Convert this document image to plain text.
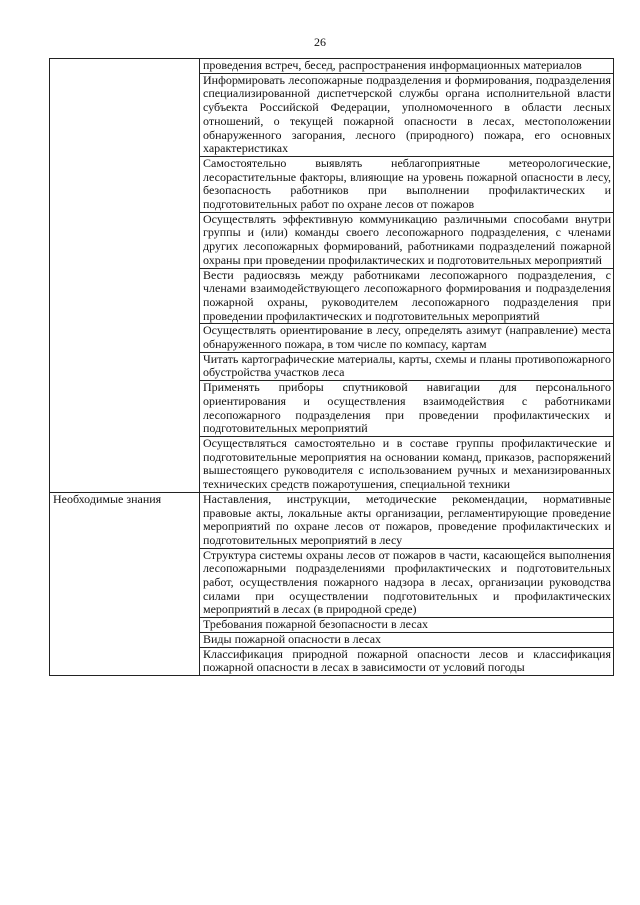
26
	проведения встреч, бесед, распространения информационных материалов
	Информировать лесопожарные подразделения и формирования, подразделения специализированной диспетчерской службы органа исполнительной власти субъекта Российской Федерации, уполномоченного в области лесных отношений, о текущей пожарной опасности в лесах, местоположении обнаруженного загорания, лесного (природного) пожара, его основных характеристиках
	Самостоятельно выявлять неблагоприятные метеорологические, лесорастительные факторы, влияющие на уровень пожарной опасности в лесу, безопасность работников при выполнении профилактических и подготовительных работ по охране лесов от пожаров
	Осуществлять эффективную коммуникацию различными способами внутри группы и (или) команды своего лесопожарного подразделения, с членами других лесопожарных формирований, работниками подразделений пожарной охраны при проведении профилактических и подготовительных мероприятий
	Вести радиосвязь между работниками лесопожарного подразделения, с членами взаимодействующего лесопожарного формирования и подразделения пожарной охраны, руководителем лесопожарного подразделения при проведении профилактических и подготовительных мероприятий
	Осуществлять ориентирование в лесу, определять азимут (направление) места обнаруженного пожара, в том числе по компасу, картам
	Читать картографические материалы, карты, схемы и планы противопожарного обустройства участков леса
	Применять приборы спутниковой навигации для персонального ориентирования и осуществления взаимодействия с работниками лесопожарного подразделения при проведении профилактических и подготовительных мероприятий
	Осуществляться самостоятельно и в составе группы профилактические и подготовительные мероприятия на основании команд, приказов, распоряжений вышестоящего руководителя с использованием ручных и механизированных технических средств пожаротушения, специальной техники
Необходимые знания	Наставления, инструкции, методические рекомендации, нормативные правовые акты, локальные акты организации, регламентирующие проведение мероприятий по охране лесов от пожаров, проведение профилактических и подготовительных мероприятий в лесу
	Структура системы охраны лесов от пожаров в части, касающейся выполнения лесопожарными подразделениями профилактических и подготовительных работ, осуществления пожарного надзора в лесах, организации руководства силами при осуществлении подготовительных и профилактических мероприятий в лесах (в природной среде)
	Требования пожарной безопасности в лесах
	Виды пожарной опасности в лесах
	Классификация природной пожарной опасности лесов и классификация пожарной опасности в лесах в зависимости от условий погоды
